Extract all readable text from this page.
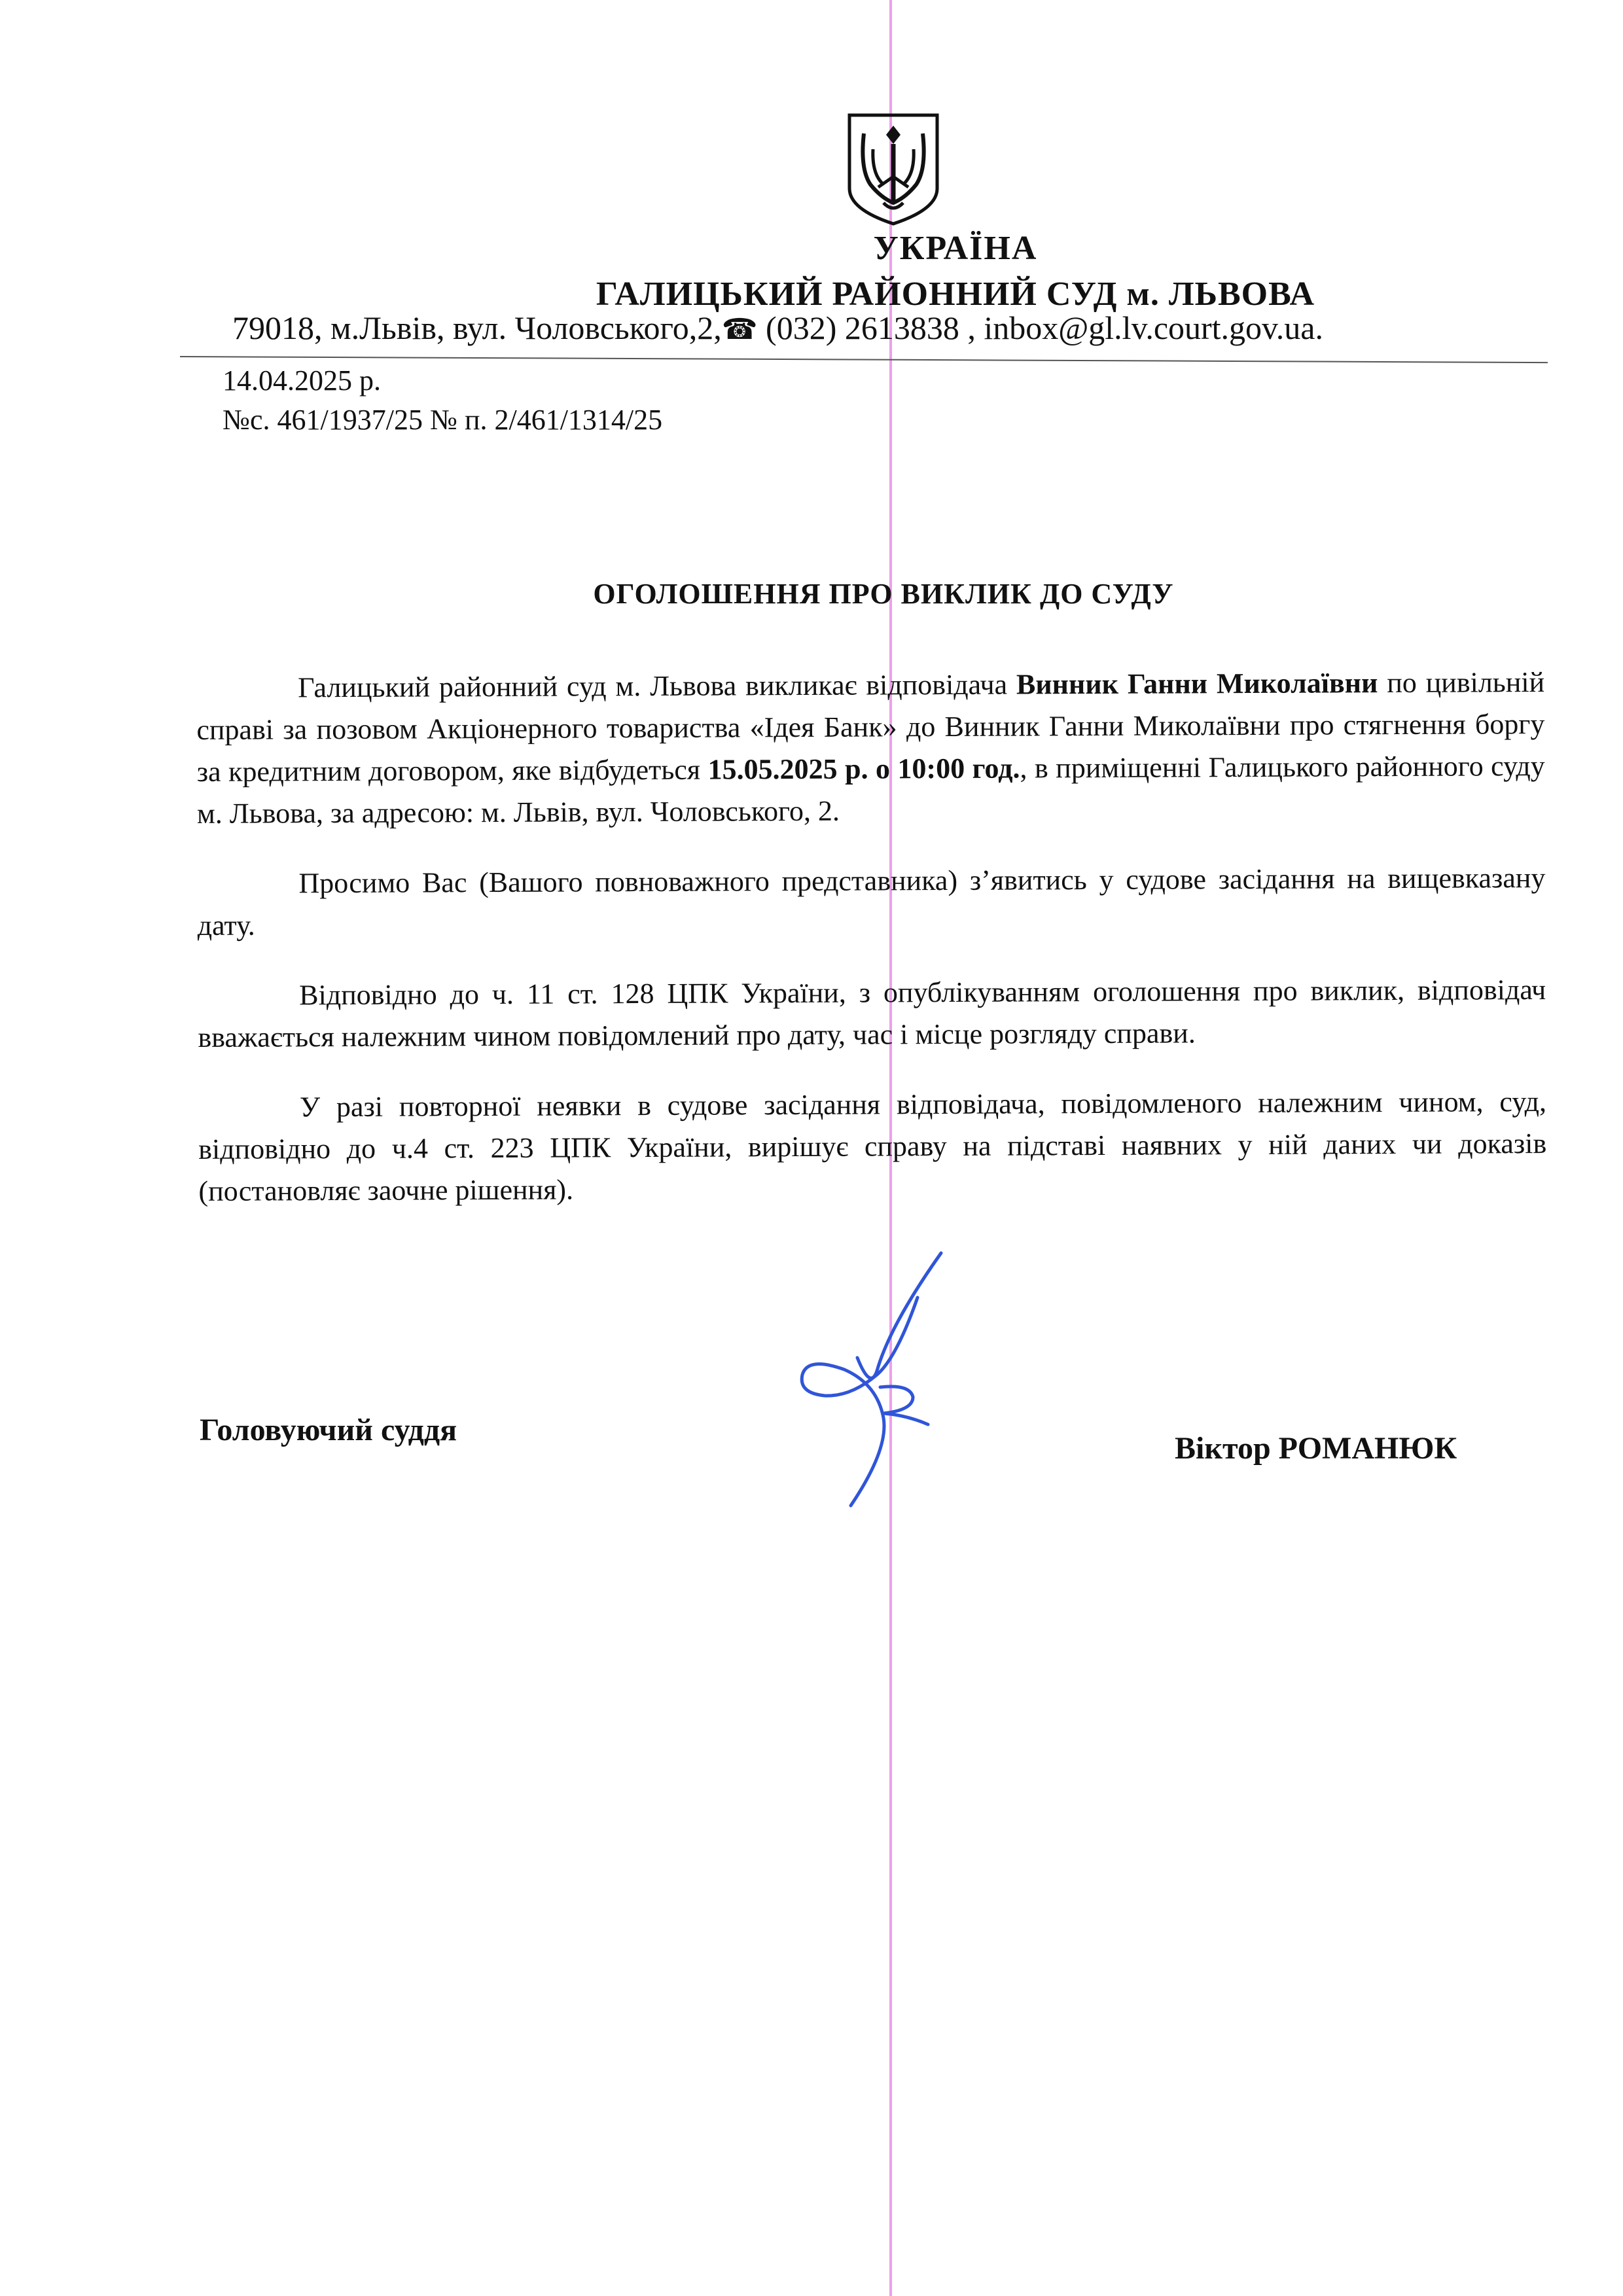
УКРАЇНА
ГАЛИЦЬКИЙ РАЙОННИЙ СУД м. ЛЬВОВА
79018, м.Львів, вул. Чоловського,2,☎ (032) 2613838 , inbox@gl.lv.court.gov.ua.
14.04.2025 р.
№с. 461/1937/25 № п. 2/461/1314/25
ОГОЛОШЕННЯ ПРО ВИКЛИК ДО СУДУ

Галицький районний суд м. Львова викликає відповідача Винник Ганни Миколаївни по цивільній справі за позовом Акціонерного товариства «Ідея Банк» до Винник Ганни Миколаївни про стягнення боргу за кредитним договором, яке відбудеться 15.05.2025 р. о 10:00 год., в приміщенні Галицького районного суду м. Львова, за адресою: м. Львів, вул. Чоловського, 2.

Просимо Вас (Вашого повноважного представника) з’явитись у судове засідання на вищевказану дату.

Відповідно до ч. 11 ст. 128 ЦПК України, з опублікуванням оголошення про виклик, відповідач вважається належним чином повідомлений про дату, час і місце розгляду справи.

У разі повторної неявки в судове засідання відповідача, повідомленого належним чином, суд, відповідно до ч.4 ст. 223 ЦПК України, вирішує справу на підставі наявних у ній даних чи доказів (постановляє заочне рішення).

Головуючий суддя
Віктор РОМАНЮК
